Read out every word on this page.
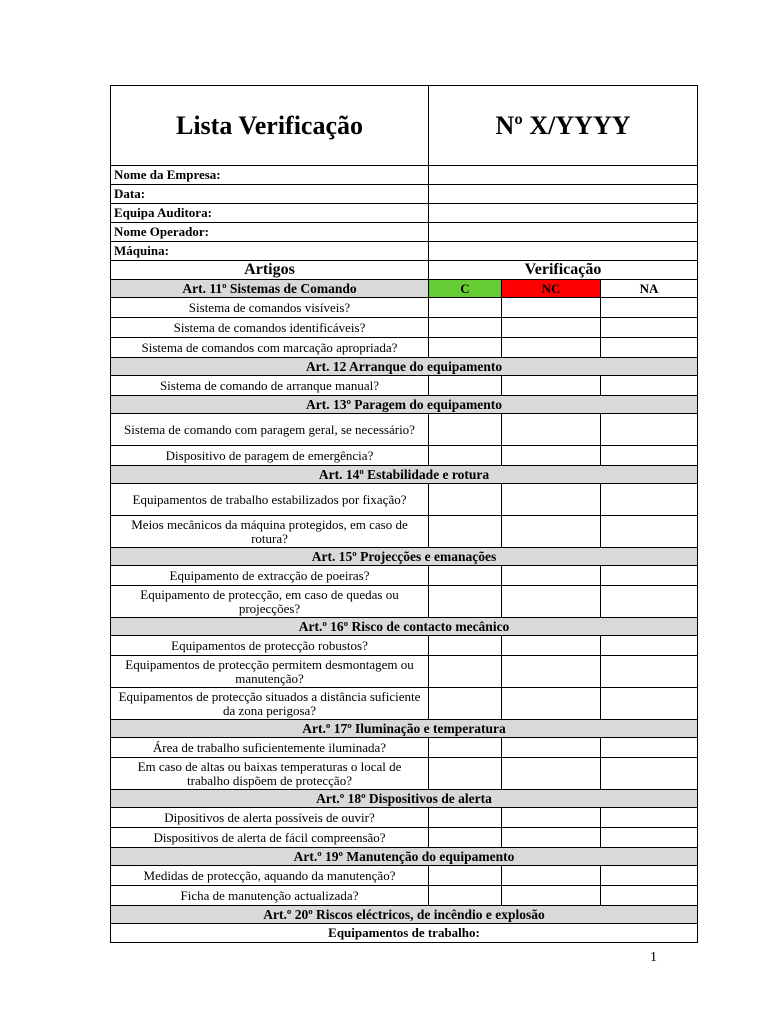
Lista Verificação	Nº X/YYYY		
Nome da Empresa:			
Data:			
Equipa Auditora:			
Nome Operador:			
Máquina:			
Artigos	Verificação		
Art. 11º Sistemas de Comando	C	NC	NA
Sistema de comandos visíveis?			
Sistema de comandos identificáveis?			
Sistema de comandos com marcação apropriada?			
Art. 12 Arranque do equipamento			
Sistema de comando de arranque manual?			
Art. 13º Paragem do equipamento			
Sistema de comando com paragem geral, se necessário?			
Dispositivo de paragem de emergência?			
Art. 14º Estabilidade e rotura			
Equipamentos de trabalho estabilizados por fixação?			
Meios mecânicos da máquina protegidos, em caso de rotura?			
Art. 15º Projecções e emanações			
Equipamento de extracção de poeiras?			
Equipamento de protecção, em caso de quedas ou projecções?			
Art.º 16º Risco de contacto mecânico			
Equipamentos de protecção robustos?			
Equipamentos de protecção permitem desmontagem ou manutenção?			
Equipamentos de protecção situados a distância suficiente da zona perigosa?			
Art.º 17º Iluminação e temperatura			
Área de trabalho suficientemente iluminada?			
Em caso de altas ou baixas temperaturas o local de trabalho dispõem de protecção?			
Art.º 18º Dispositivos de alerta			
Dipositivos de alerta possíveis de ouvir?			
Dispositivos de alerta de fácil compreensão?			
Art.º 19º Manutenção do equipamento			
Medidas de protecção, aquando da manutenção?			
Ficha de manutenção actualizada?			
Art.º 20º Riscos eléctricos, de incêndio e explosão			
Equipamentos de trabalho:			
1
